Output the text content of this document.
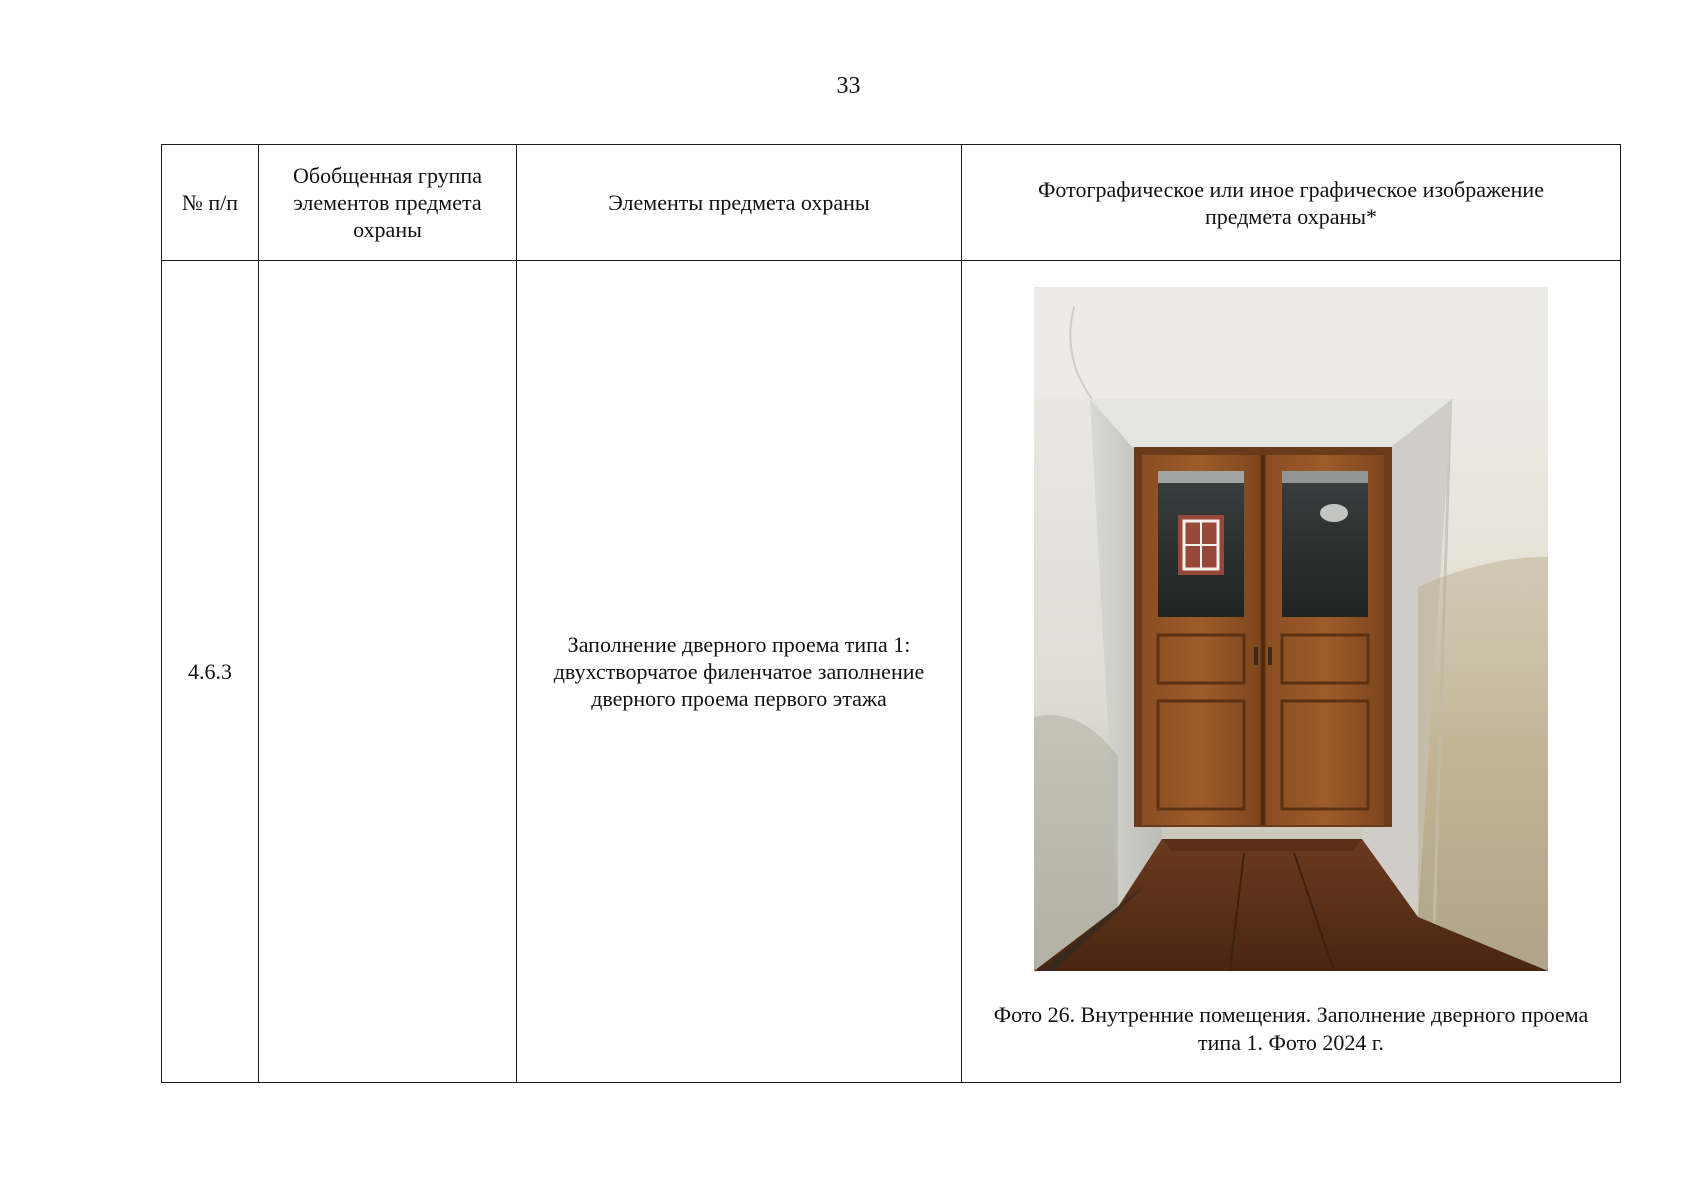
33
№ п/п	Обобщенная группа элементов предмета охраны	Элементы предмета охраны	Фотографическое или иное графическое изображение предмета охраны*

4.6.3		Заполнение дверного проема типа 1: двухстворчатое филенчатое заполнение дверного проема первого этажа	Фото 26. Внутренние помещения. Заполнение дверного проема типа 1. Фото 2024 г.
